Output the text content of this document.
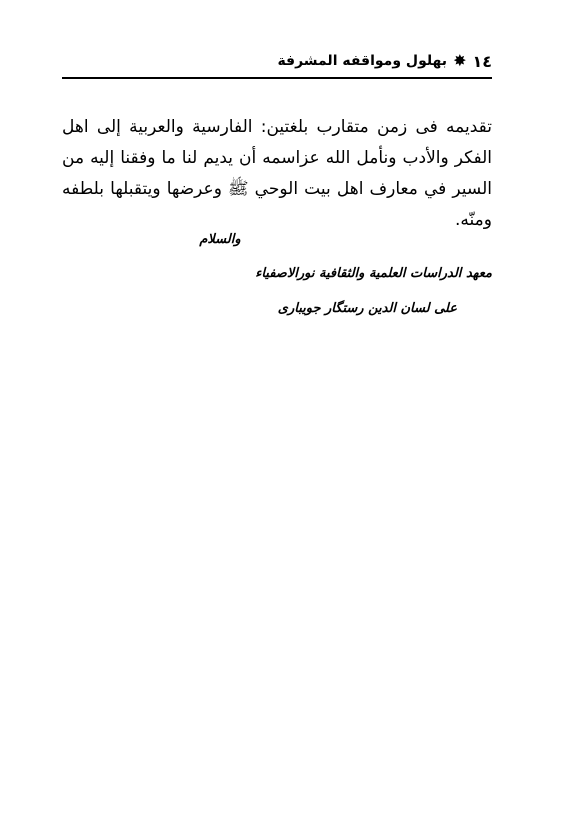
١٤
✸
بهلول ومواقفه المشرفة

تقديمه فى زمن متقارب بلغتين: الفارسية والعربية إلى اهل الفكر والأدب ونأمل الله عزاسمه أن يديم لنا ما وفقنا إليه من السير في معارف اهل بيت الوحي ﷺ وعرضها ويتقبلها بلطفه ومنّه.

والسلام
معهد الدراسات العلمية والثقافية نورالاصفياء
على لسان الدين رستگار جويبارى
